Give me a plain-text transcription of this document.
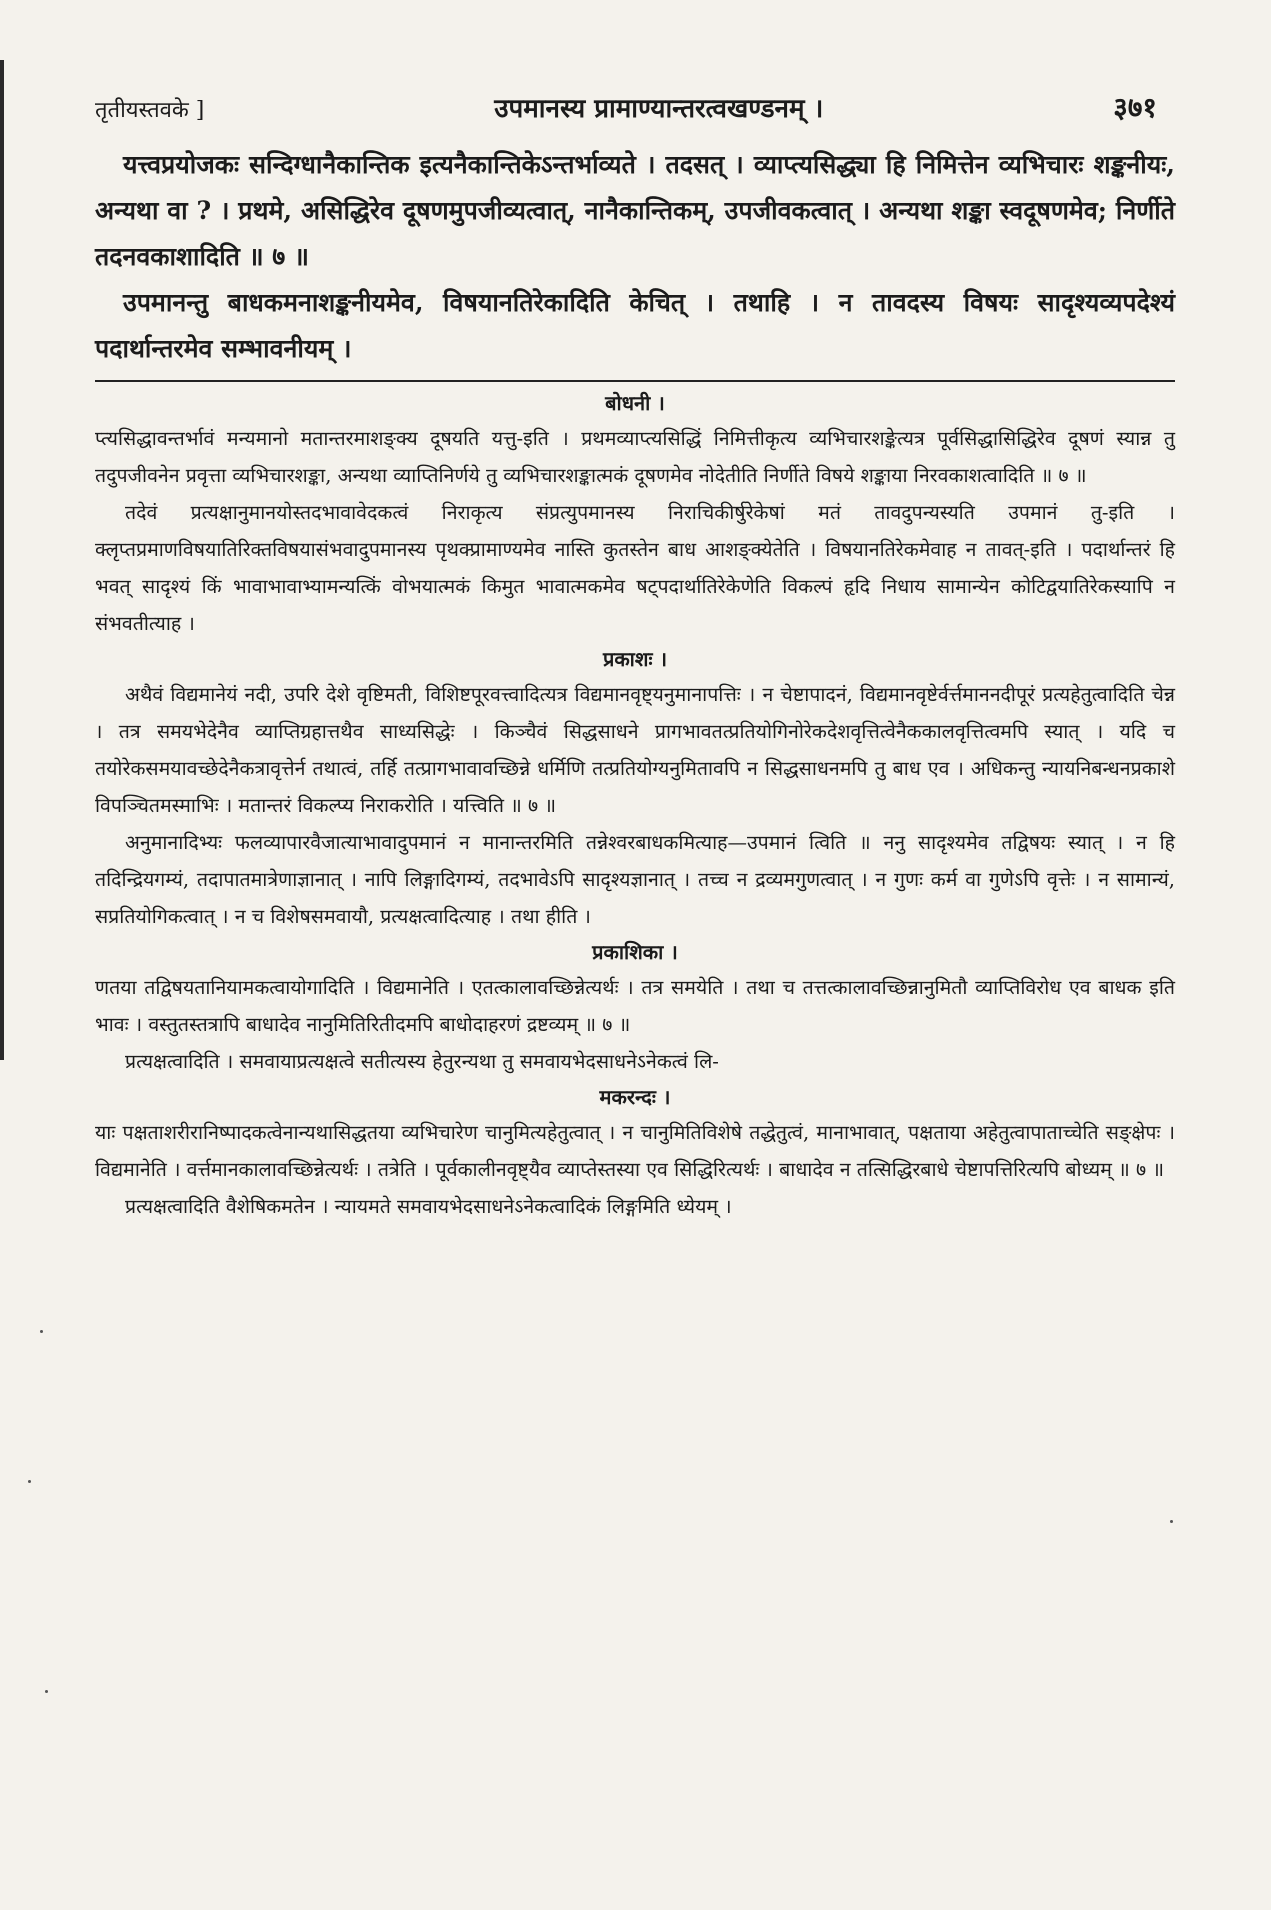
तृतीयस्तवके ]	उपमानस्य प्रामाण्यान्तरत्वखण्डनम् ।	३७१

यत्त्वप्रयोजकः सन्दिग्धानैकान्तिक इत्यनैकान्तिकेऽन्तर्भाव्यते । तदसत् । व्याप्त्यसिद्ध्या हि निमित्तेन व्यभिचारः शङ्कनीयः, अन्यथा वा ? । प्रथमे, असिद्धिरेव दूषणमुपजीव्यत्वात्, नानैकान्तिकम्, उपजीवकत्वात् । अन्यथा शङ्का स्वदूषणमेव; निर्णीते तदनवकाशादिति ॥ ७ ॥

उपमानन्तु बाधकमनाशङ्कनीयमेव, विषयानतिरेकादिति केचित् । तथाहि । न तावदस्य विषयः सादृश्यव्यपदेश्यं पदार्थान्तरमेव सम्भावनीयम् ।

बोधनी ।

प्त्यसिद्धावन्तर्भावं मन्यमानो मतान्तरमाशङ्क्य दूषयति यत्तु-इति । प्रथमव्याप्त्यसिद्धिं निमित्तीकृत्य व्यभिचारशङ्केत्यत्र पूर्वसिद्धासिद्धिरेव दूषणं स्यान्न तु तदुपजीवनेन प्रवृत्ता व्यभिचारशङ्का, अन्यथा व्याप्तिनिर्णये तु व्यभिचारशङ्कात्मकं दूषणमेव नोदेतीति निर्णीते विषये शङ्काया निरवकाशत्वादिति ॥ ७ ॥

तदेवं प्रत्यक्षानुमानयोस्तदभावावेदकत्वं निराकृत्य संप्रत्युपमानस्य निराचिकीर्षुरेकेषां मतं तावदुपन्यस्यति उपमानं तु-इति । क्लृप्तप्रमाणविषयातिरिक्तविषयासंभवादुपमानस्य पृथक्प्रामाण्यमेव नास्ति कुतस्तेन बाध आशङ्क्येतेति । विषयानतिरेकमेवाह न तावत्-इति । पदार्थान्तरं हि भवत् सादृश्यं किं भावाभावाभ्यामन्यत्किं वोभयात्मकं किमुत भावात्मकमेव षट्पदार्थातिरेकेणेति विकल्पं हृदि निधाय सामान्येन कोटिद्वयातिरेकस्यापि न संभवतीत्याह ।

प्रकाशः ।

अथैवं विद्यमानेयं नदी, उपरि देशे वृष्टिमती, विशिष्टपूरवत्त्वादित्यत्र विद्यमानवृष्ट्यनुमानापत्तिः । न चेष्टापादनं, विद्यमानवृष्टेर्वर्त्तमाननदीपूरं प्रत्यहेतुत्वादिति चेन्न । तत्र समयभेदेनैव व्याप्तिग्रहात्तथैव साध्यसिद्धेः । किञ्चैवं सिद्धसाधने प्रागभावतत्प्रतियोगिनोरेकदेशवृत्तित्वेनैककालवृत्तित्वमपि स्यात् । यदि च तयोरेकसमयावच्छेदेनैकत्रावृत्तेर्न तथात्वं, तर्हि तत्प्रागभावावच्छिन्ने धर्मिणि तत्प्रतियोग्यनुमितावपि न सिद्धसाधनमपि तु बाध एव । अधिकन्तु न्यायनिबन्धनप्रकाशे विपञ्चितमस्माभिः । मतान्तरं विकल्प्य निराकरोति । यत्त्विति ॥ ७ ॥

अनुमानादिभ्यः फलव्यापारवैजात्याभावादुपमानं न मानान्तरमिति तन्नेश्वरबाधकमित्याह—उपमानं त्विति ॥ ननु सादृश्यमेव तद्विषयः स्यात् । न हि तदिन्द्रियगम्यं, तदापातमात्रेणाज्ञानात् । नापि लिङ्गादिगम्यं, तदभावेऽपि सादृश्यज्ञानात् । तच्च न द्रव्यमगुणत्वात् । न गुणः कर्म वा गुणेऽपि वृत्तेः । न सामान्यं, सप्रतियोगिकत्वात् । न च विशेषसमवायौ, प्रत्यक्षत्वादित्याह । तथा हीति ।

प्रकाशिका ।

णतया तद्विषयतानियामकत्वायोगादिति । विद्यमानेति । एतत्कालावच्छिन्नेत्यर्थः । तत्र समयेति । तथा च तत्तत्कालावच्छिन्नानुमितौ व्याप्तिविरोध एव बाधक इति भावः । वस्तुतस्तत्रापि बाधादेव नानुमितिरितीदमपि बाधोदाहरणं द्रष्टव्यम् ॥ ७ ॥

प्रत्यक्षत्वादिति । समवायाप्रत्यक्षत्वे सतीत्यस्य हेतुरन्यथा तु समवायभेदसाधनेऽनेकत्वं लि-

मकरन्दः ।

याः पक्षताशरीरानिष्पादकत्वेनान्यथासिद्धतया व्यभिचारेण चानुमित्यहेतुत्वात् । न चानुमितिविशेषे तद्धेतुत्वं, मानाभावात्, पक्षताया अहेतुत्वापाताच्चेति सङ्क्षेपः । विद्यमानेति । वर्त्तमानकालावच्छिन्नेत्यर्थः । तत्रेति । पूर्वकालीनवृष्ट्यैव व्याप्तेस्तस्या एव सिद्धिरित्यर्थः । बाधादेव न तत्सिद्धिरबाधे चेष्टापत्तिरित्यपि बोध्यम् ॥ ७ ॥

प्रत्यक्षत्वादिति वैशेषिकमतेन । न्यायमते समवायभेदसाधनेऽनेकत्वादिकं लिङ्गमिति ध्येयम् ।
